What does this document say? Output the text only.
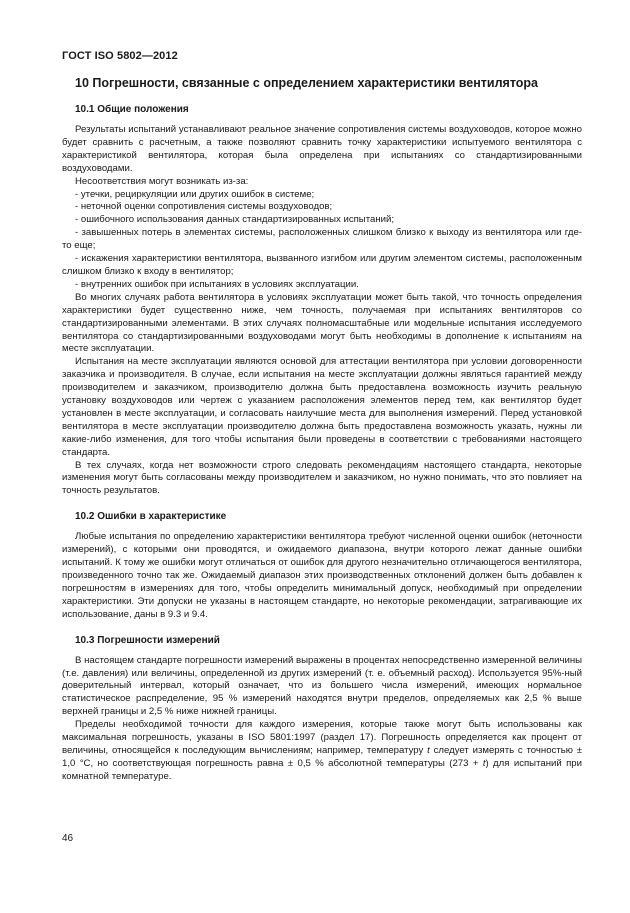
ГОСТ ISO 5802—2012
10 Погрешности, связанные с определением характеристики вентилятора
10.1 Общие положения

Результаты испытаний устанавливают реальное значение сопротивления системы воздуховодов, которое можно будет сравнить с расчетным, а также позволяют сравнить точку характеристики испытуемого вентилятора с характеристикой вентилятора, которая была определена при испытаниях со стандартизированными воздуховодами.

Несоответствия могут возникать из-за:

- утечки, рециркуляции или других ошибок в системе;

- неточной оценки сопротивления системы воздуховодов;

- ошибочного использования данных стандартизированных испытаний;

- завышенных потерь в элементах системы, расположенных слишком близко к выходу из вентилятора или где-то еще;

- искажения характеристики вентилятора, вызванного изгибом или другим элементом системы, расположенным слишком близко к входу в вентилятор;

- внутренних ошибок при испытаниях в условиях эксплуатации.

Во многих случаях работа вентилятора в условиях эксплуатации может быть такой, что точность определения характеристики будет существенно ниже, чем точность, получаемая при испытаниях вентиляторов со стандартизированными элементами. В этих случаях полномасштабные или модельные испытания исследуемого вентилятора со стандартизированными воздуховодами могут быть необходимы в дополнение к испытаниям на месте эксплуатации.

Испытания на месте эксплуатации являются основой для аттестации вентилятора при условии договоренности заказчика и производителя. В случае, если испытания на месте эксплуатации должны являться гарантией между производителем и заказчиком, производителю должна быть предоставлена возможность изучить реальную установку воздуховодов или чертеж с указанием расположения элементов перед тем, как вентилятор будет установлен в месте эксплуатации, и согласовать наилучшие места для выполнения измерений. Перед установкой вентилятора в месте эксплуатации производителю должна быть предоставлена возможность указать, нужны ли какие-либо изменения, для того чтобы испытания были проведены в соответствии с требованиями настоящего стандарта.

В тех случаях, когда нет возможности строго следовать рекомендациям настоящего стандарта, некоторые изменения могут быть согласованы между производителем и заказчиком, но нужно понимать, что это повлияет на точность результатов.

10.2 Ошибки в характеристике

Любые испытания по определению характеристики вентилятора требуют численной оценки ошибок (неточности измерений), с которыми они проводятся, и ожидаемого диапазона, внутри которого лежат данные ошибки испытаний. К тому же ошибки могут отличаться от ошибок для другого незначительно отличающегося вентилятора, произведенного точно так же. Ожидаемый диапазон этих производственных отклонений должен быть добавлен к погрешностям в измерениях для того, чтобы определить минимальный допуск, необходимый при определении характеристики. Эти допуски не указаны в настоящем стандарте, но некоторые рекомендации, затрагивающие их использование, даны в 9.3 и 9.4.

10.3 Погрешности измерений

В настоящем стандарте погрешности измерений выражены в процентах непосредственно измеренной величины (т.е. давления) или величины, определенной из других измерений (т. е. объемный расход). Используется 95%-ный доверительный интервал, который означает, что из большего числа измерений, имеющих нормальное статистическое распределение, 95 % измерений находятся внутри пределов, определяемых как 2,5 % выше верхней границы и 2,5 % ниже нижней границы.

Пределы необходимой точности для каждого измерения, которые также могут быть использованы как максимальная погрешность, указаны в ISO 5801:1997 (раздел 17). Погрешность определяется как процент от величины, относящейся к последующим вычислениям; например, температуру t следует измерять с точностью ± 1,0 °С, но соответствующая погрешность равна ± 0,5 % абсолютной температуры (273 + t) для испытаний при комнатной температуре.

46
